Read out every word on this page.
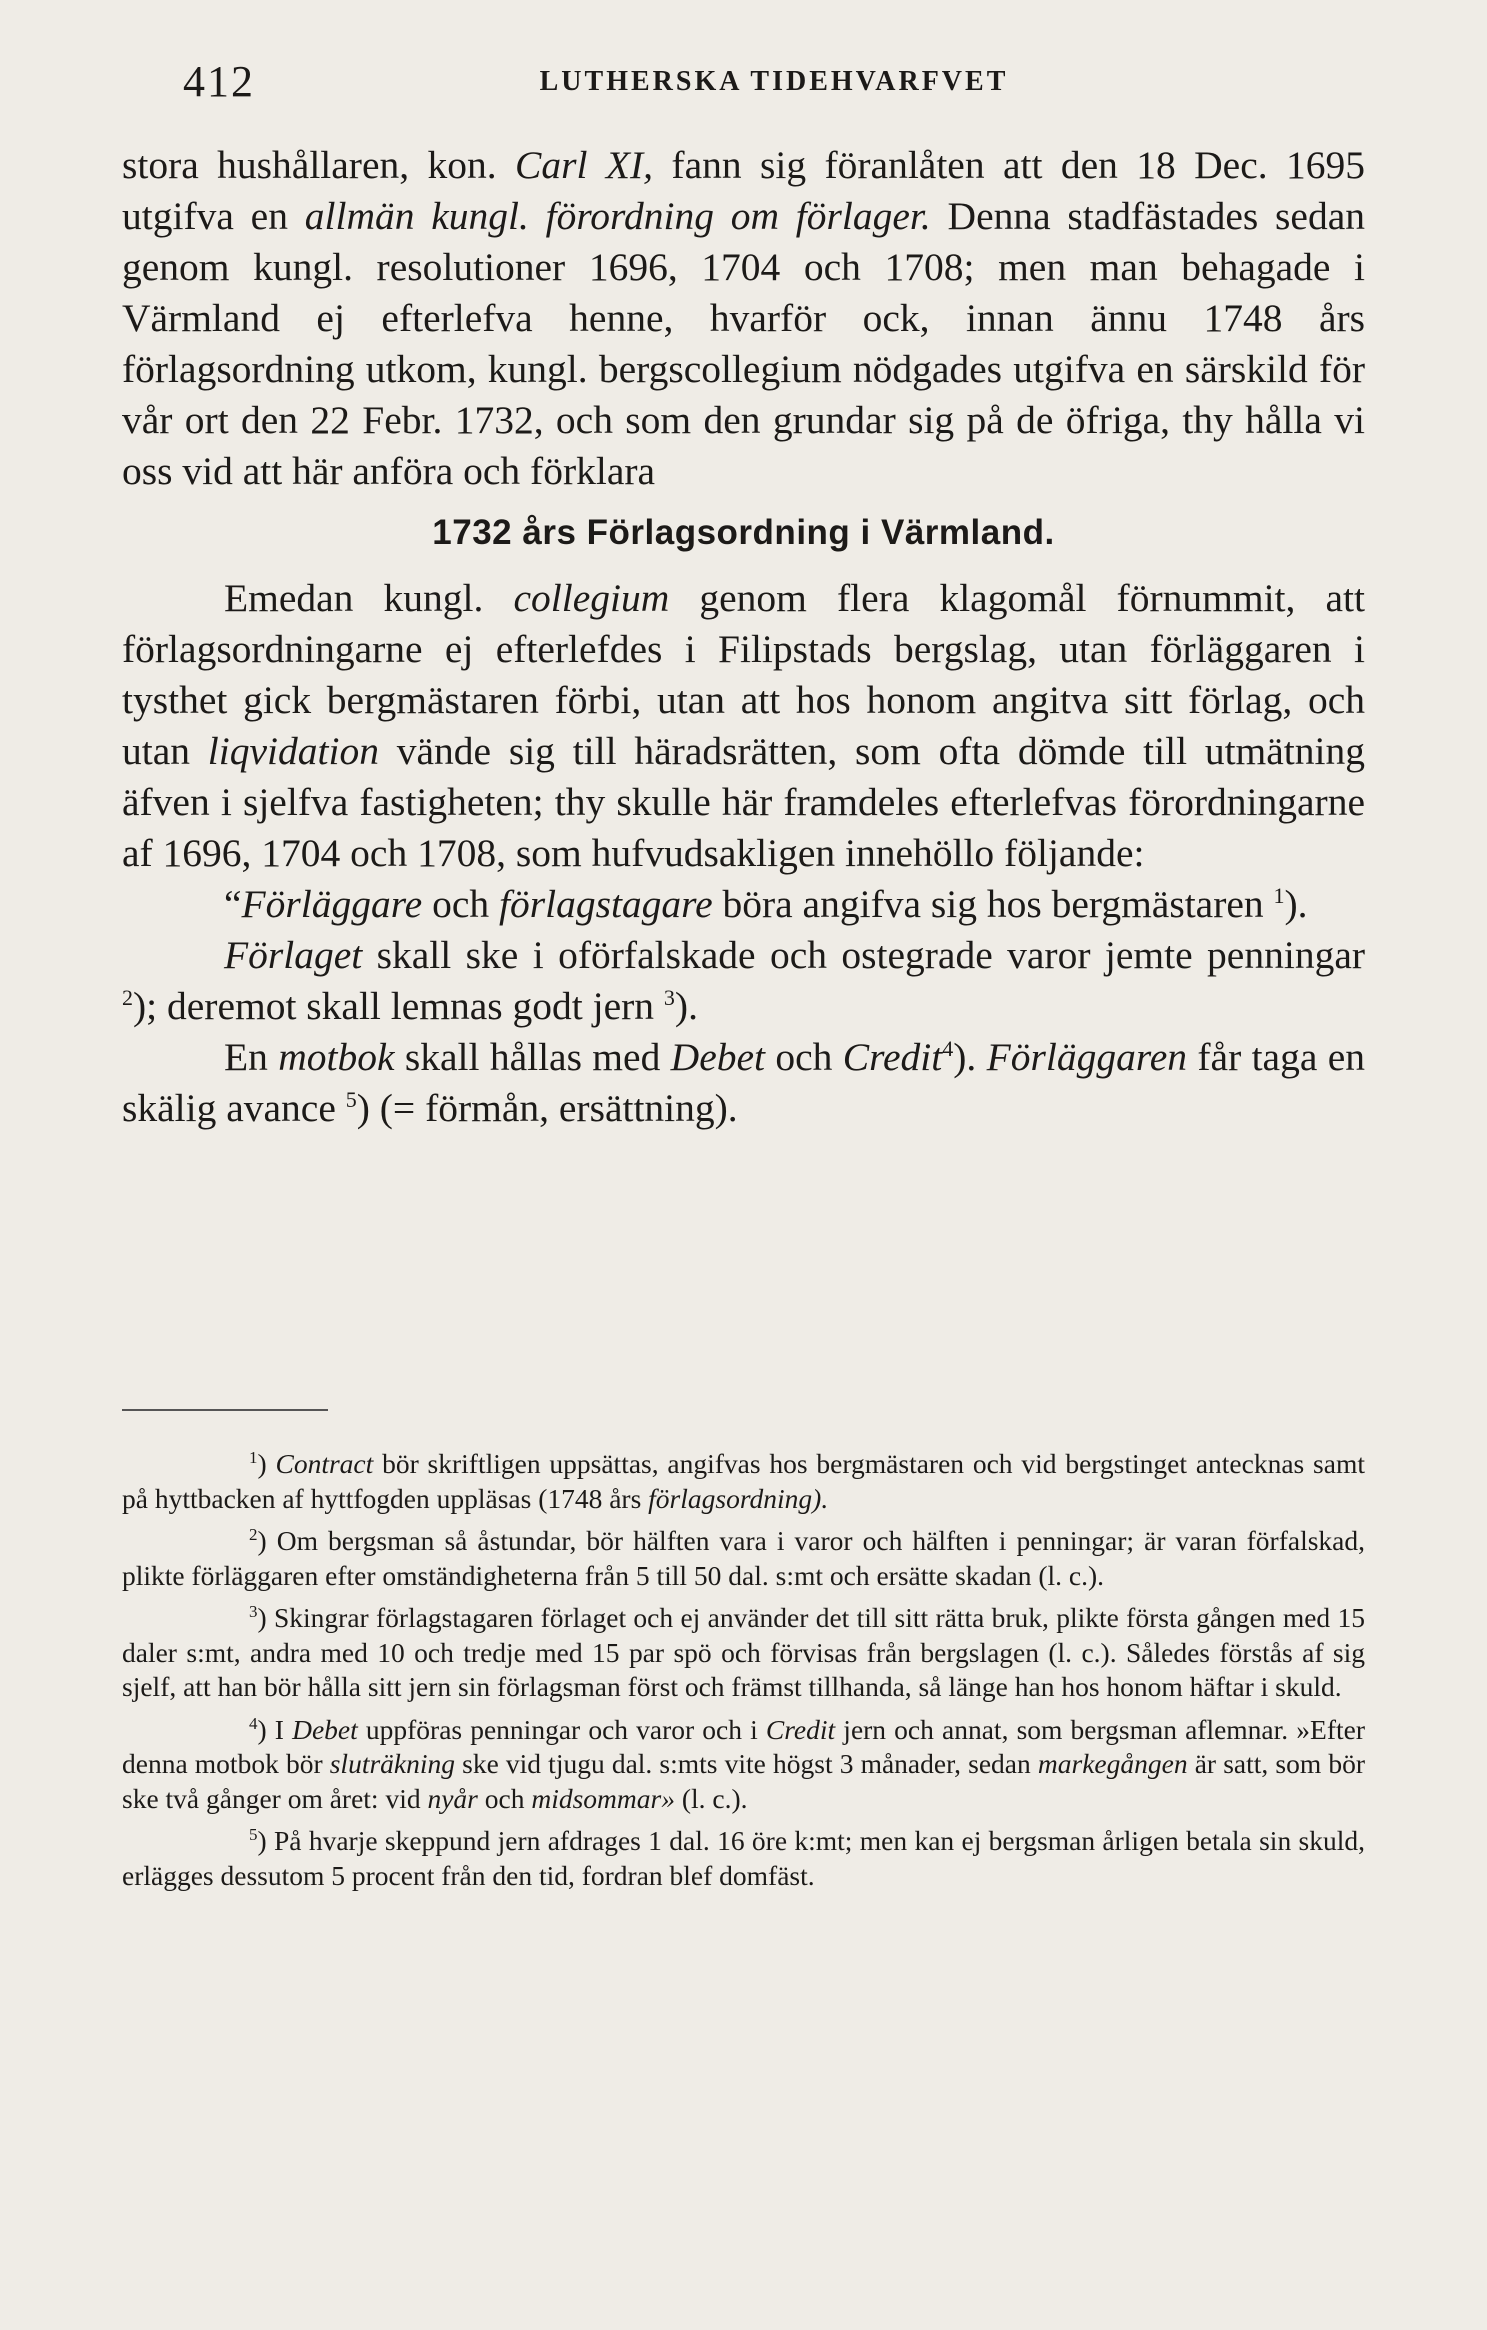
412	LUTHERSKA TIDEHVARFVET

stora hushållaren, kon. Carl XI, fann sig föranlåten att den 18 Dec. 1695 utgifva en allmän kungl. förordning om förlager. Denna stadfästades sedan genom kungl. resolutioner 1696, 1704 och 1708; men man behagade i Värmland ej efterlefva henne, hvarför ock, innan ännu 1748 års förlagsordning utkom, kungl. bergscollegium nödgades utgifva en särskild för vår ort den 22 Febr. 1732, och som den grundar sig på de öfriga, thy hålla vi oss vid att här anföra och förklara

1732 års Förlagsordning i Värmland.

Emedan kungl. collegium genom flera klagomål förnummit, att förlagsordningarne ej efterlefdes i Filipstads bergslag, utan förläggaren i tysthet gick bergmästaren förbi, utan att hos honom angitva sitt förlag, och utan liqvidation vände sig till häradsrätten, som ofta dömde till utmätning äfven i sjelfva fastigheten; thy skulle här framdeles efterlefvas förordningarne af 1696, 1704 och 1708, som hufvudsakligen innehöllo följande:

“Förläggare och förlagstagare böra angifva sig hos bergmästaren $^1$).

Förlaget skall ske i oförfalskade och ostegrade varor jemte penningar $^2$); deremot skall lemnas godt jern $^3$).

En motbok skall hållas med Debet och Credit$^4$). Förläggaren får taga en skälig avance $^5$) (= förmån, ersättning).

$^1$) Contract bör skriftligen uppsättas, angifvas hos bergmästaren och vid bergstinget antecknas samt på hyttbacken af hyttfogden uppläsas (1748 års förlagsordning).

$^2$) Om bergsman så åstundar, bör hälften vara i varor och hälften i penningar; är varan förfalskad, plikte förläggaren efter omständigheterna från 5 till 50 dal. s:mt och ersätte skadan (l. c.).

$^3$) Skingrar förlagstagaren förlaget och ej använder det till sitt rätta bruk, plikte första gången med 15 daler s:mt, andra med 10 och tredje med 15 par spö och förvisas från bergslagen (l. c.). Således förstås af sig sjelf, att han bör hålla sitt jern sin förlagsman först och främst tillhanda, så länge han hos honom häftar i skuld.

$^4$) I Debet uppföras penningar och varor och i Credit jern och annat, som bergsman aflemnar. »Efter denna motbok bör sluträkning ske vid tjugu dal. s:mts vite högst 3 månader, sedan markegången är satt, som bör ske två gånger om året: vid nyår och midsommar» (l. c.).

$^5$) På hvarje skeppund jern afdrages 1 dal. 16 öre k:mt; men kan ej bergsman årligen betala sin skuld, erlägges dessutom 5 procent från den tid, fordran blef domfäst.
